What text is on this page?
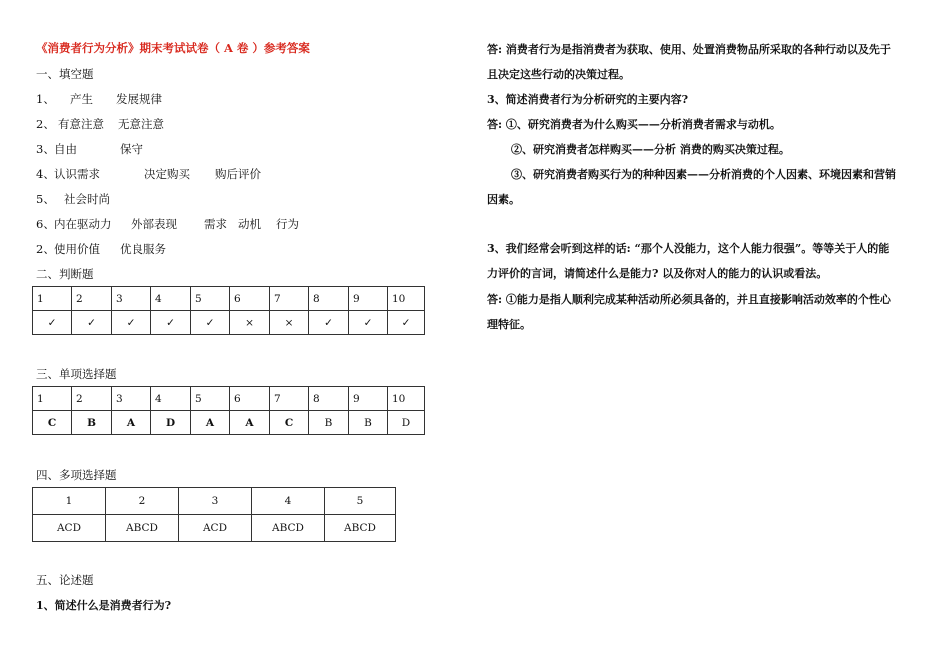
《消费者行为分析》期末考试试卷（ A 卷 ）参考答案
一、填空题
1、 产生 发展规律
2、 有意注意 无意注意
3、自由	保守
4、认识需求	决定购买 购后评价
5、 社会时尚
6、内在驱动力 外部表现 需求 动机 行为
2、使用价值 优良服务
二、判断题
1	2	3	4	5	6	7	8	9	10
✓	✓	✓	✓	✓	×	×	✓	✓	✓
三、单项选择题
1	2	3	4	5	6	7	8	9	10
C	B	A	D	A	A	C	B	B	D
四、多项选择题
1	2	3	4	5
ACD	ABCD	ACD	ABCD	ABCD
五、论述题
1、简述什么是消费者行为?
答: 消费者行为是指消费者为获取、使用、处置消费物品所采取的各种行动以及先于
且决定这些行动的决策过程。
3、简述消费者行为分析研究的主要内容?
答: ①、研究消费者为什么购买——分析消费者需求与动机。
②、研究消费者怎样购买——分析 消费的购买决策过程。
③、研究消费者购买行为的种种因素——分析消费的个人因素、环境因素和营销
因素。
3、我们经常会听到这样的话: “那个人没能力，这个人能力很强”。等等关于人的能
力评价的言词，请简述什么是能力? 以及你对人的能力的认识或看法。
答: ①能力是指人顺利完成某种活动所必须具备的，并且直接影响活动效率的个性心
理特征。
